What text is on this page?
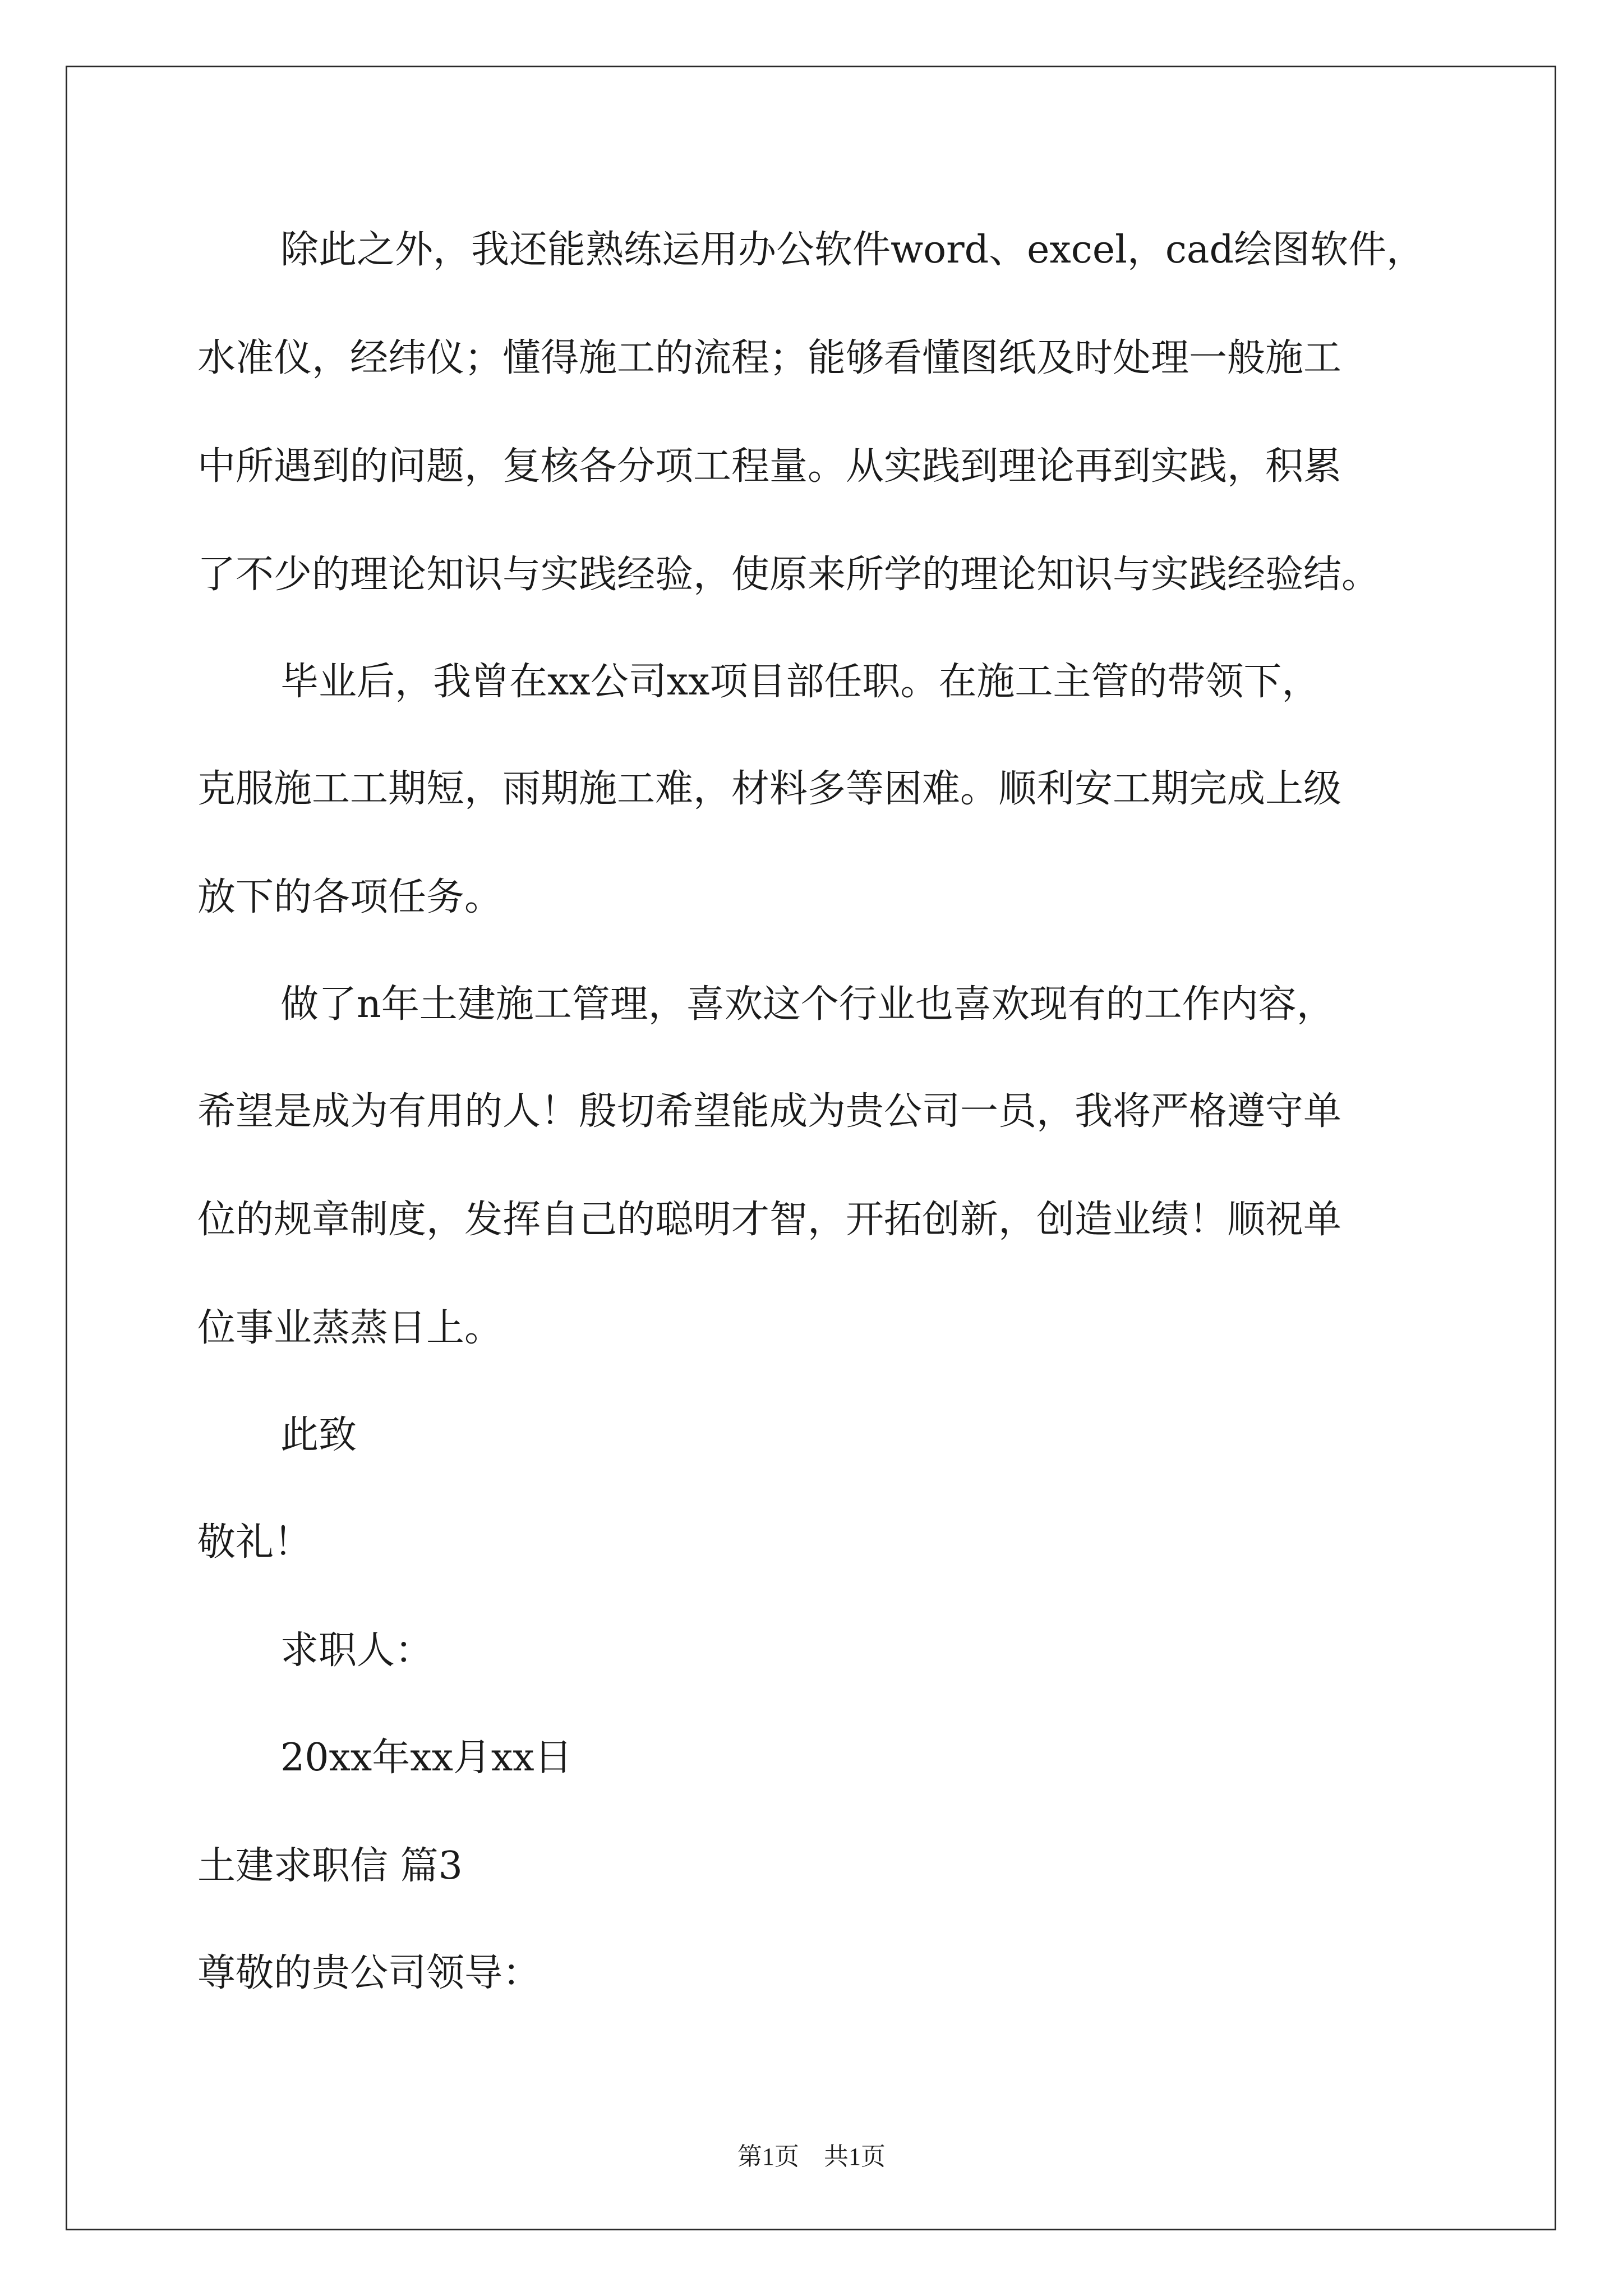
除此之外，我还能熟练运用办公软件word、excel，cad绘图软件，
水准仪，经纬仪；懂得施工的流程；能够看懂图纸及时处理一般施工
中所遇到的问题，复核各分项工程量。从实践到理论再到实践，积累
了不少的理论知识与实践经验，使原来所学的理论知识与实践经验结。
毕业后，我曾在xx公司xx项目部任职。在施工主管的带领下，
克服施工工期短，雨期施工难，材料多等困难。顺利安工期完成上级
放下的各项任务。
做了n年土建施工管理，喜欢这个行业也喜欢现有的工作内容，
希望是成为有用的人！殷切希望能成为贵公司一员，我将严格遵守单
位的规章制度，发挥自己的聪明才智，开拓创新，创造业绩！顺祝单
位事业蒸蒸日上。
此致
敬礼！
求职人：
20xx年xx月xx日
土建求职信 篇3
尊敬的贵公司领导：
第1页　共1页
